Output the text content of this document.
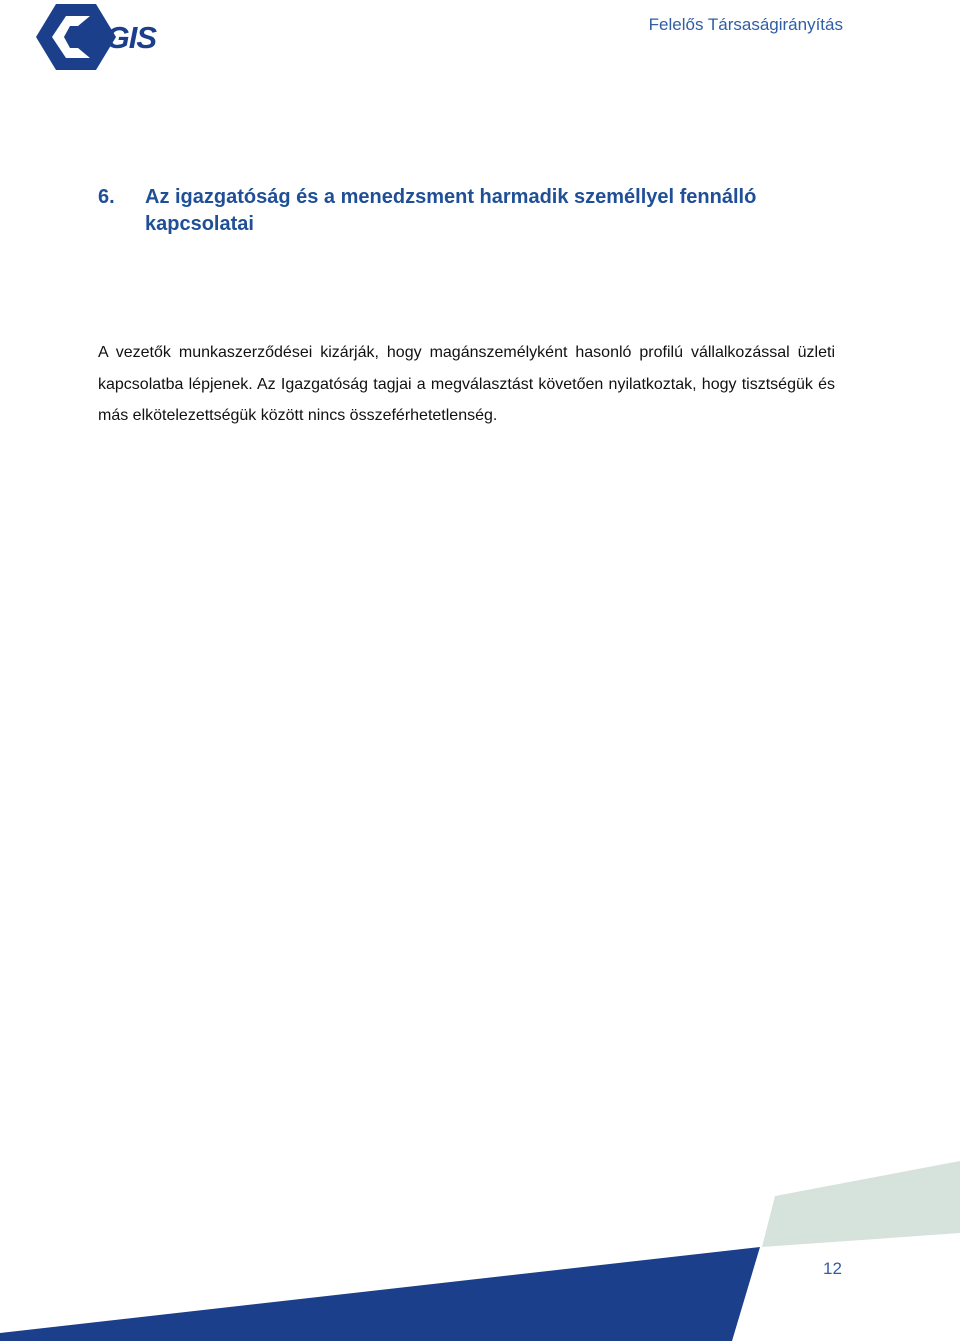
EGIS	Felelős Társaságirányítás
6.	Az igazgatóság és a menedzsment harmadik személlyel fennálló kapcsolatai

A vezetők munkaszerződései kizárják, hogy magánszemélyként hasonló profilú vállalkozással üzleti kapcsolatba lépjenek. Az Igazgatóság tagjai a megválasztást követően nyilatkoztak, hogy tisztségük és más elkötelezettségük között nincs összeférhetetlenség.

12
